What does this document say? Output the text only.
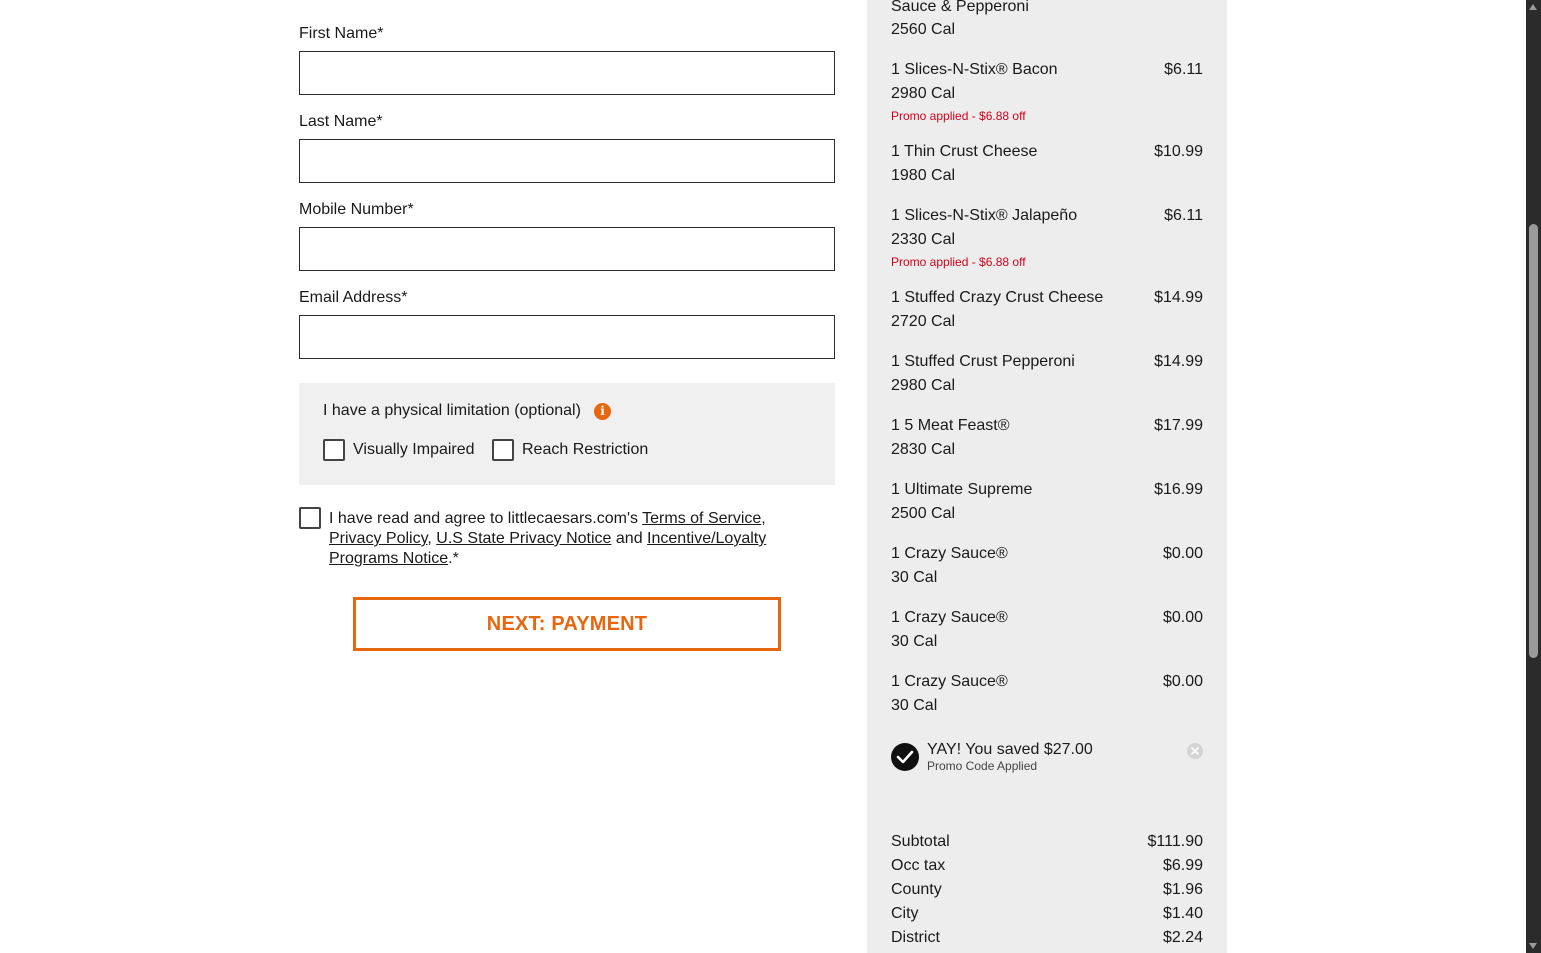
First Name*
Last Name*
Mobile Number*
Email Address*
I have a physical limitation (optional)	i
Visually Impaired	Reach Restriction
I have read and agree to littlecaesars.com's Terms of Service, Privacy Policy, U.S State Privacy Notice and Incentive/Loyalty Programs Notice.*
NEXT: PAYMENT
Sauce & Pepperoni
2560 Cal
1 Slices-N-Stix® Bacon	$6.11
2980 Cal
Promo applied - $6.88 off
1 Thin Crust Cheese	$10.99
1980 Cal
1 Slices-N-Stix® Jalapeño	$6.11
2330 Cal
Promo applied - $6.88 off
1 Stuffed Crazy Crust Cheese	$14.99
2720 Cal
1 Stuffed Crust Pepperoni	$14.99
2980 Cal
1 5 Meat Feast®	$17.99
2830 Cal
1 Ultimate Supreme	$16.99
2500 Cal
1 Crazy Sauce®	$0.00
30 Cal
1 Crazy Sauce®	$0.00
30 Cal
1 Crazy Sauce®	$0.00
30 Cal
YAY! You saved $27.00
Promo Code Applied
Subtotal	$111.90
Occ tax	$6.99
County	$1.96
City	$1.40
District	$2.24
